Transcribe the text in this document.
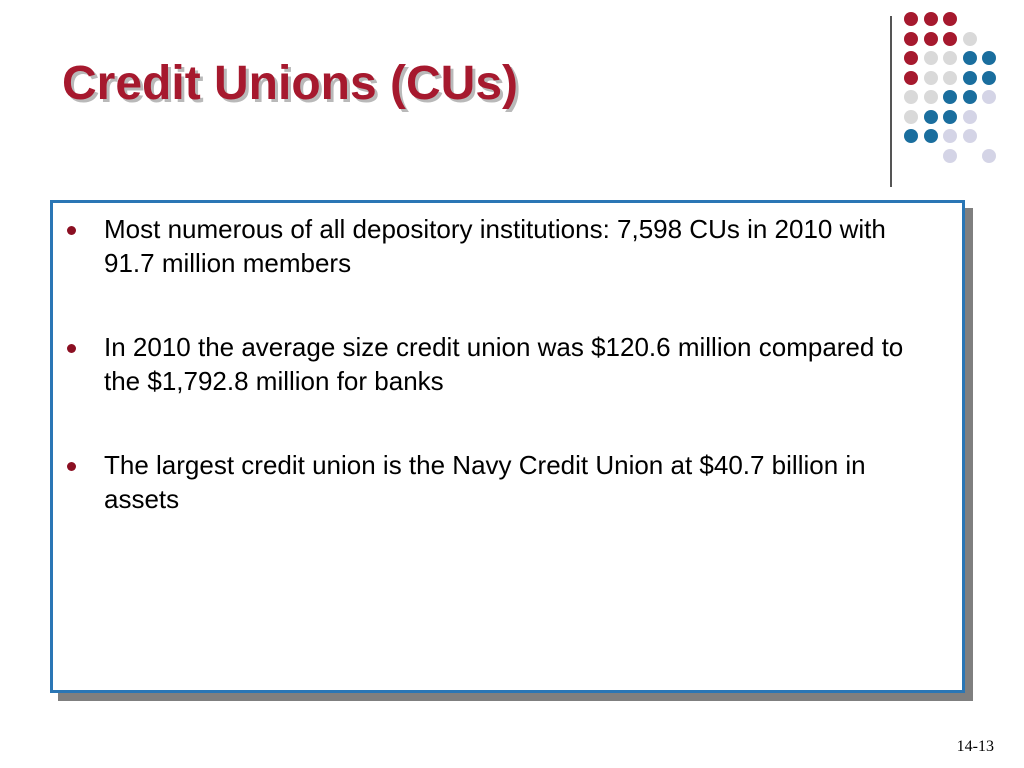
Credit Unions (CUs)
Most numerous of all depository institutions: 7,598 CUs in 2010 with 91.7 million members
In 2010 the average size credit union was $120.6 million compared to the $1,792.8 million for banks
The largest credit union is the Navy Credit Union at $40.7 billion in assets
14-13
